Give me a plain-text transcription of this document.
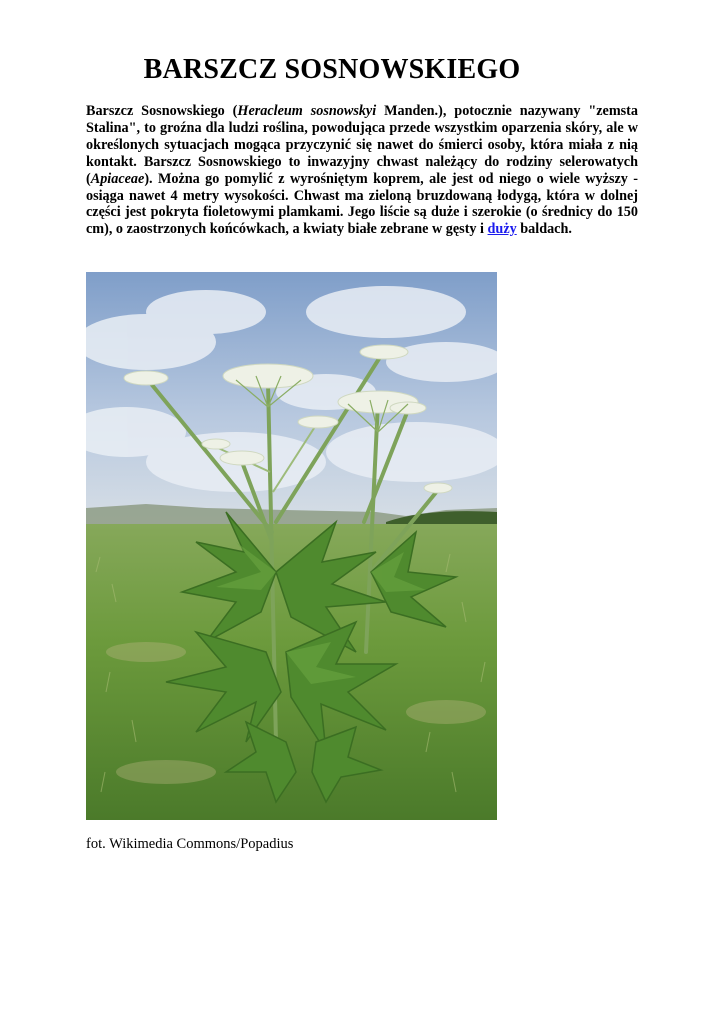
BARSZCZ SOSNOWSKIEGO

Barszcz Sosnowskiego (Heracleum sosnowskyi Manden.), potocznie nazywany "zemsta Stalina", to groźna dla ludzi roślina, powodująca przede wszystkim oparzenia skóry, ale w określonych sytuacjach mogąca przyczynić się nawet do śmierci osoby, która miała z nią kontakt. Barszcz Sosnowskiego to inwazyjny chwast należący do rodziny selerowatych (Apiaceae). Można go pomylić z wyrośniętym koprem, ale jest od niego o wiele wyższy - osiąga nawet 4 metry wysokości. Chwast ma zieloną bruzdowaną łodygą, która w dolnej części jest pokryta fioletowymi plamkami. Jego liście są duże i szerokie (o średnicy do 150 cm), o zaostrzonych końcówkach, a kwiaty białe zebrane w gęsty i duży baldach.

fot. Wikimedia Commons/Popadius
